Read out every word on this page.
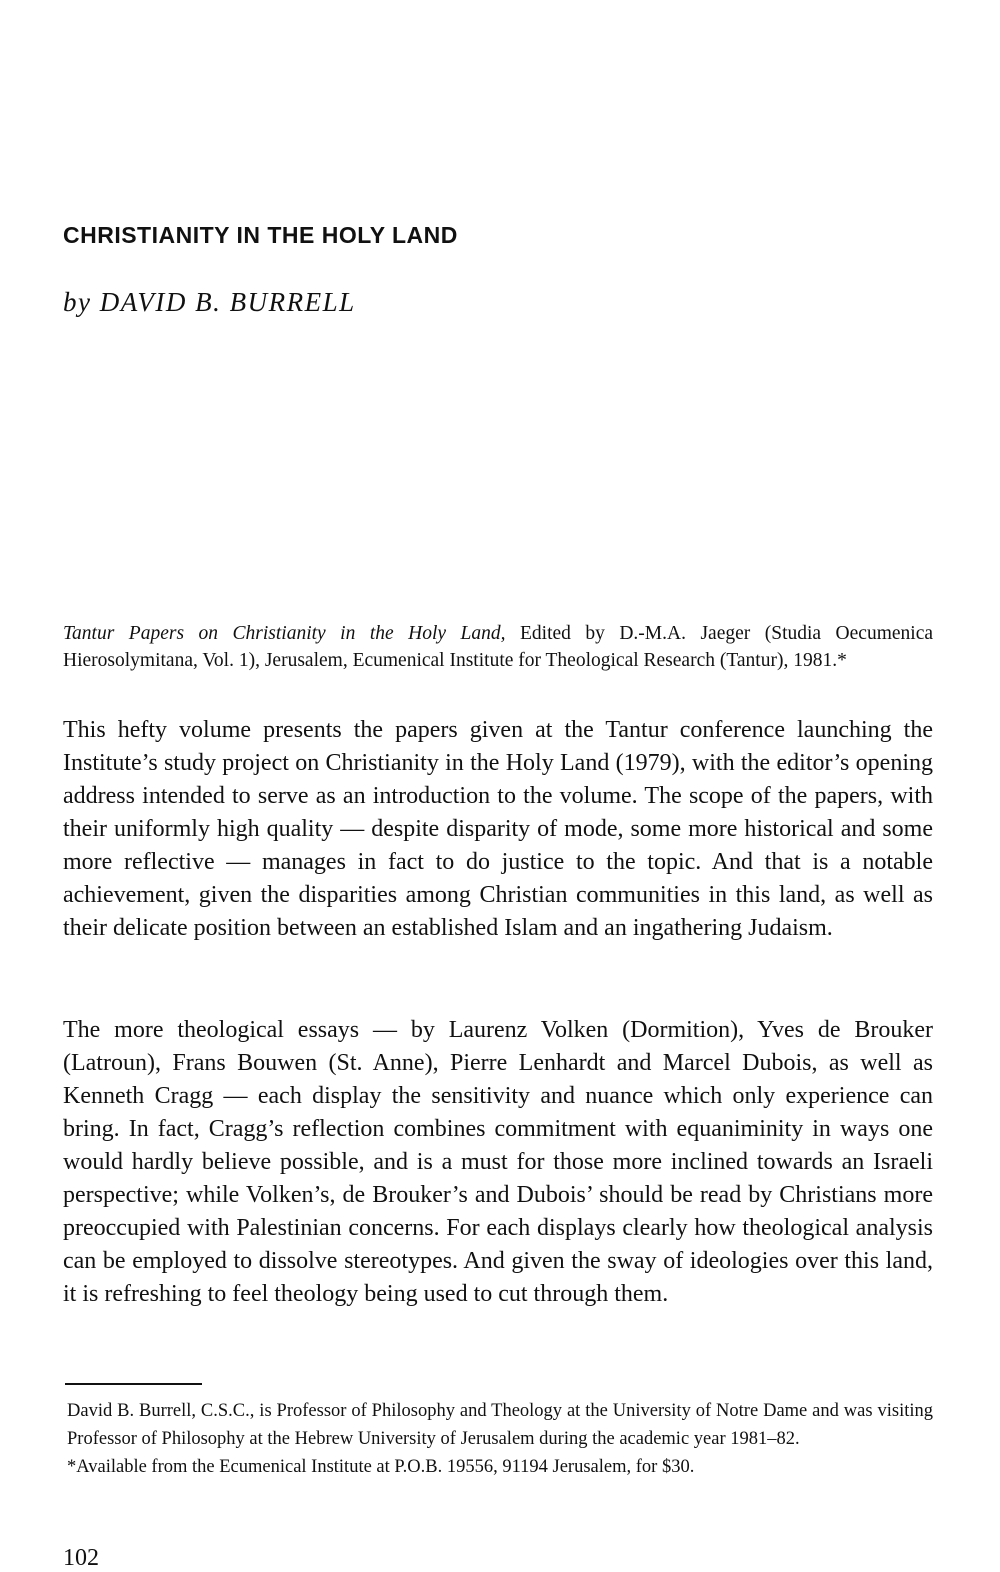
CHRISTIANITY IN THE HOLY LAND

by DAVID B. BURRELL

Tantur Papers on Christianity in the Holy Land, Edited by D.-M.A. Jaeger (Studia Oecumenica Hierosolymitana, Vol. 1), Jerusalem, Ecumenical Institute for Theological Research (Tantur), 1981.*

This hefty volume presents the papers given at the Tantur conference launching the Institute’s study project on Christianity in the Holy Land (1979), with the editor’s opening address intended to serve as an introduction to the volume. The scope of the papers, with their uniformly high quality — despite disparity of mode, some more historical and some more reflective — manages in fact to do justice to the topic. And that is a notable achievement, given the disparities among Christian communities in this land, as well as their delicate position between an established Islam and an ingathering Judaism.

The more theological essays — by Laurenz Volken (Dormition), Yves de Brouker (Latroun), Frans Bouwen (St. Anne), Pierre Lenhardt and Marcel Dubois, as well as Kenneth Cragg — each display the sensitivity and nuance which only experience can bring. In fact, Cragg’s reflection combines commitment with equaniminity in ways one would hardly believe possible, and is a must for those more inclined towards an Israeli perspective; while Volken’s, de Brouker’s and Dubois’ should be read by Christians more preoccupied with Palestinian concerns. For each displays clearly how theological analysis can be employed to dissolve stereotypes. And given the sway of ideologies over this land, it is refreshing to feel theology being used to cut through them.

David B. Burrell, C.S.C., is Professor of Philosophy and Theology at the University of Notre Dame and was visiting Professor of Philosophy at the Hebrew University of Jerusalem during the academic year 1981–82.

*Available from the Ecumenical Institute at P.O.B. 19556, 91194 Jerusalem, for $30.

102
